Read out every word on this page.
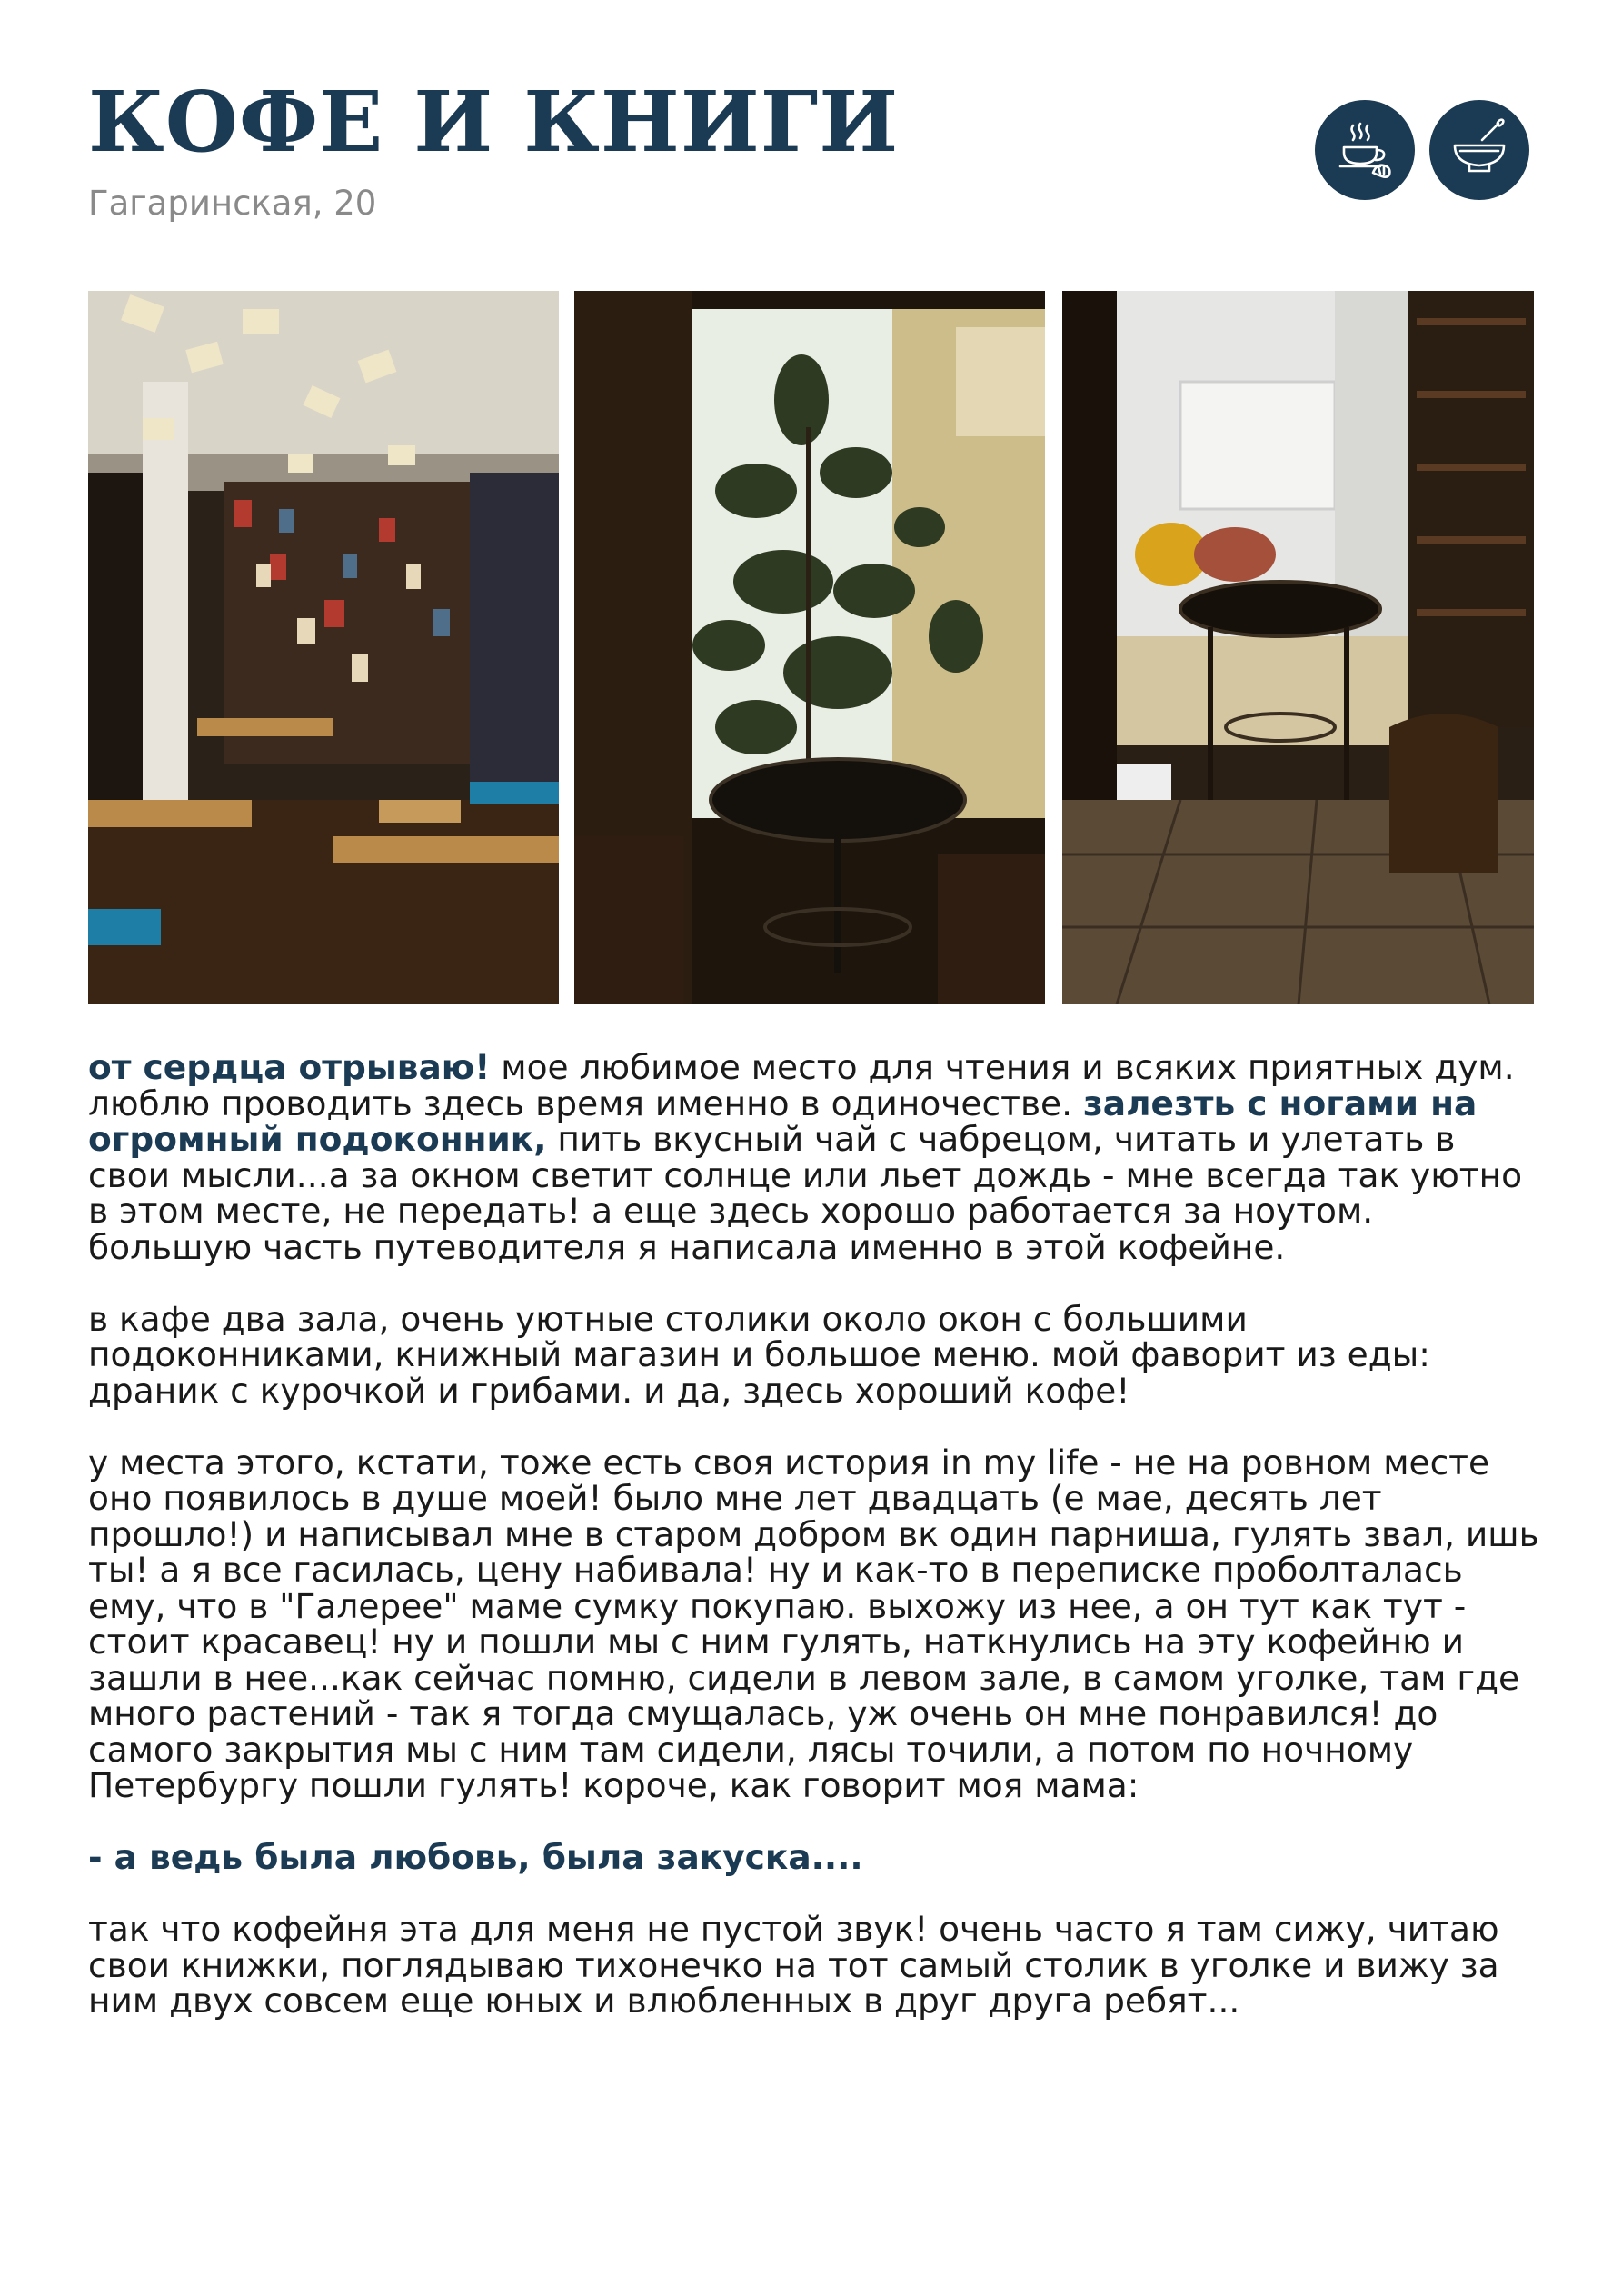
КОФЕ И КНИГИ
Гагаринская, 20

от сердца отрываю! мое любимое место для чтения и всяких приятных дум. люблю проводить здесь время именно в одиночестве. залезть с ногами на огромный подоконник, пить вкусный чай с чабрецом, читать и улетать в свои мысли...а за окном светит солнце или льет дождь - мне всегда так уютно в этом месте, не передать! а еще здесь хорошо работается за ноутом. большую часть путеводителя я написала именно в этой кофейне.

в кафе два зала, очень уютные столики около окон с большими подоконниками, книжный магазин и большое меню. мой фаворит из еды: драник с курочкой и грибами. и да, здесь хороший кофе!

у места этого, кстати, тоже есть своя история in my life - не на ровном месте оно появилось в душе моей! было мне лет двадцать (е мае, десять лет прошло!) и написывал мне в старом добром вк один парниша, гулять звал, ишь ты! а я все гасилась, цену набивала! ну и как-то в переписке проболталась ему, что в "Галерее" маме сумку покупаю. выхожу из нее, а он тут как тут - стоит красавец! ну и пошли мы с ним гулять, наткнулись на эту кофейню и зашли в нее...как сейчас помню, сидели в левом зале, в самом уголке, там где много растений - так я тогда смущалась, уж очень он мне понравился! до самого закрытия мы с ним там сидели, лясы точили, а потом по ночному Петербургу пошли гулять! короче, как говорит моя мама:

- а ведь была любовь, была закуска....

так что кофейня эта для меня не пустой звук! очень часто я там сижу, читаю свои книжки, поглядываю тихонечко на тот самый столик в уголке и вижу за ним двух совсем еще юных и влюбленных в друг друга ребят...
